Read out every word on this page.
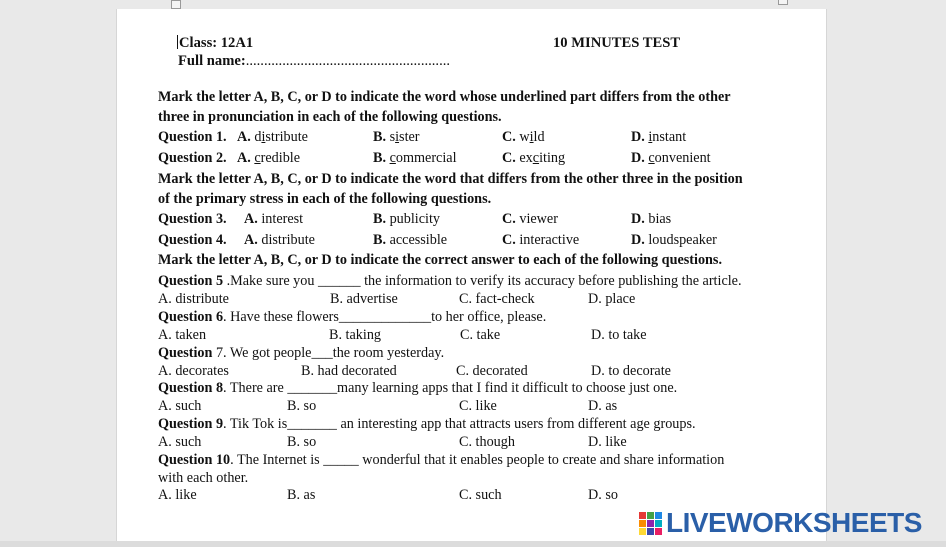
Class: 12A1	10 MINUTES TEST
Full name:........................................................
Mark the letter A, B, C, or D to indicate the word whose underlined part differs from the other
three in pronunciation in each of the following questions.
Question 1. A. distribute	B. sister	C. wild	D. instant
Question 2. A. credible	B. commercial	C. exciting	D. convenient
Mark the letter A, B, C, or D to indicate the word that differs from the other three in the position
of the primary stress in each of the following questions.
Question 3. A. interest	B. publicity	C. viewer	D. bias
Question 4. A. distribute	B. accessible	C. interactive	D. loudspeaker
Mark the letter A, B, C, or D to indicate the correct answer to each of the following questions.
Question 5 .Make sure you ______ the information to verify its accuracy before publishing the article.
A. distribute	B. advertise	C. fact-check	D. place
Question 6. Have these flowers_____________to her office, please.
A. taken	B. taking	C. take	D. to take
Question 7. We got people___the room yesterday.
A. decorates	B. had decorated	C. decorated	D. to decorate
Question 8. There are _______many learning apps that I find it difficult to choose just one.
A. such	B. so	C. like	D. as
Question 9. Tik Tok is_______ an interesting app that attracts users from different age groups.
A. such	B. so	C. though	D. like
Question 10. The Internet is _____ wonderful that it enables people to create and share information
with each other.
A. like	B. as	C. such	D. so
LIVEWORKSHEETS
